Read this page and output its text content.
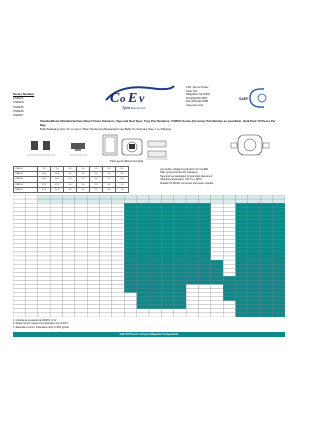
Series Number
CSR101
CSR104
CSR105
CSR106
CSR107
C o E v
Tyco Electronics
6 Mt. Vernon Street
Suite 104
Ridgefield, NJ 07657
Tel:(201)440-4500
Fax:(201)440-2088
www.coev.com
SAEF
Shielded/Semi-Shielded Surface Mount Power Inductors, Tape and Reel Spec. Type Part Numbers: CSR101 Series (Customer Part Number as specified) - Bulk Pack 70 Pieces Per Bag
Bulk Packaging (lot), On to reel or Plain Numbering Requested (see Bulk) On Samples (See 1 to 4 Below)
Pad Layout (Recommended)
CSR101	7.8	7.0	3.0	2.0	1.5	3.9	5.0
CSR104	10.4	10.0	4.0	2.4	2.0	5.0	6.6
CSR105	10.4	10.0	5.4	2.4	2.0	5.0	6.6
CSR106	12.5	12.5	6.0	3.0	2.5	5.8	7.6
CSR107	12.5	12.5	8.0	3.0	2.5	5.8	7.6
Low profile, shielded construction for low EMI
High current and low DC resistance
Tape and reel packaging for automatic placement
Operating temperature -40°C to +105°C
Suitable for DC/DC converters and power supplies
1. Inductance measured at 100kHz, 0.1V.
2. Rated current: based on temperature rise of 40°C.
3. Saturation current: inductance drop of 30% typical.
Call Toll Free for all your Magnetic Components
